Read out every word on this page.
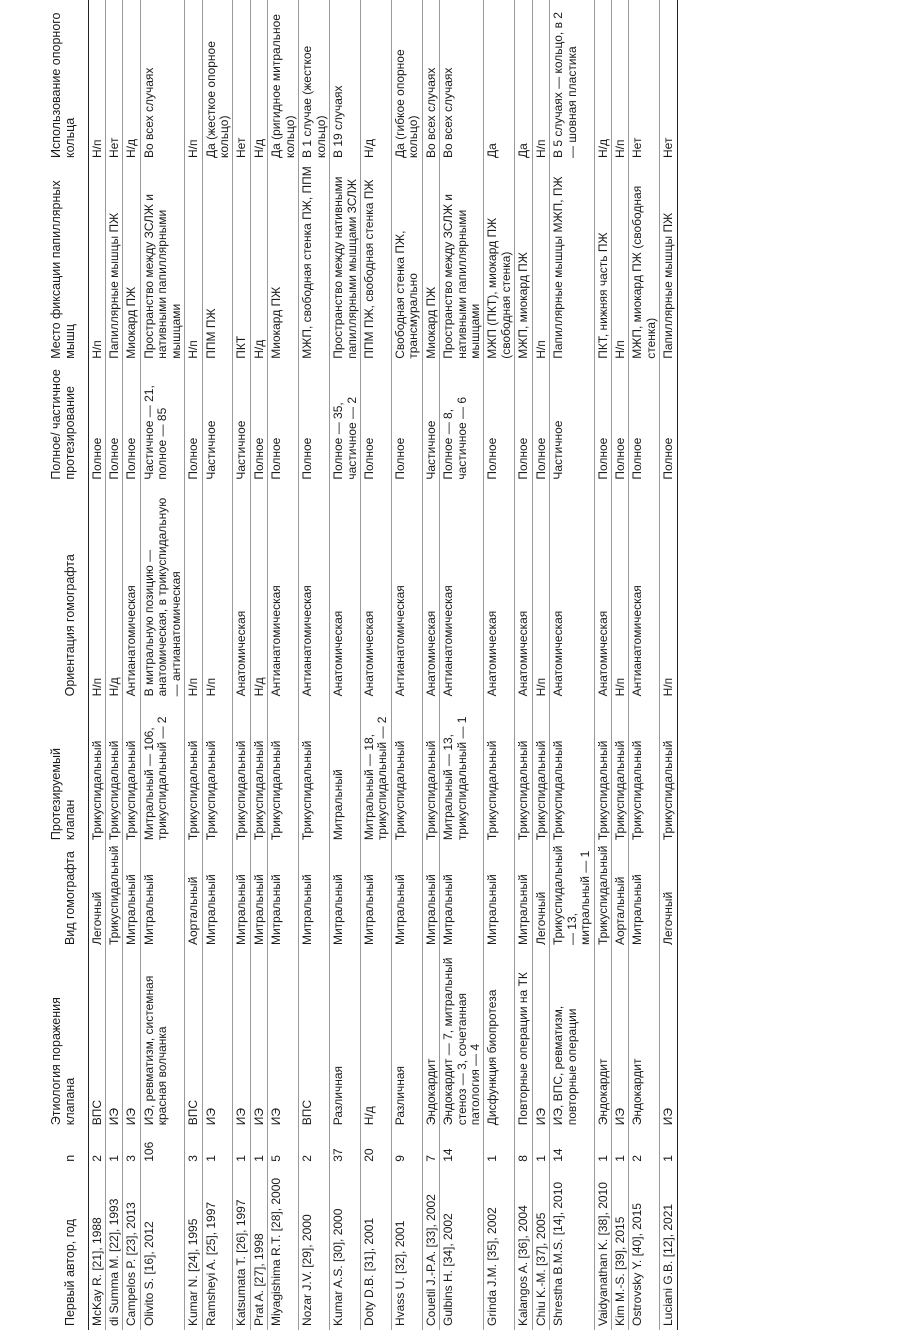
Первый автор, год	n	Этиология поражения клапана	Вид гомографта	Протезируемый клапан	Ориентация гомографта	Полное/ частичное протезирование	Место фиксации папиллярных мышц	Использование опорного кольца
McKay R. [21], 1988	2	ВПС	Легочный	Трикуспидальный	Н/п	Полное	Н/п	Н/п
di Summa M. [22], 1993	1	ИЭ	Трикуспидальный	Трикуспидальный	Н/д	Полное	Папиллярные мышцы ПЖ	Нет
Campelos P. [23], 2013	3	ИЭ	Митральный	Трикуспидальный	Антианатомическая	Полное	Миокард ПЖ	Н/д
Olivito S. [16], 2012	106	ИЭ, ревматизм, системная красная волчанка	Митральный	Митральный — 106, трикуспидальный — 2	В митральную позицию — анатомическая, в трикуспидальную — антианатомическая	Частичное — 21, полное — 85	Пространство между ЗСЛЖ и нативными папиллярными мышцами	Во всех случаях
Kumar N. [24], 1995	3	ВПС	Аортальный	Трикуспидальный	Н/п	Полное	Н/п	Н/п
Ramsheyi A. [25], 1997	1	ИЭ	Митральный	Трикуспидальный	Н/п	Частичное	ППМ ПЖ	Да (жесткое опорное кольцо)
Katsumata T. [26], 1997	1	ИЭ	Митральный	Трикуспидальный	Анатомическая	Частичное	ПКТ	Нет
Prat A. [27], 1998	1	ИЭ	Митральный	Трикуспидальный	Н/д	Полное	Н/д	Н/д
Miyagishima R.T. [28], 2000	5	ИЭ	Митральный	Трикуспидальный	Антианатомическая	Полное	Миокард ПЖ	Да (ригидное митральное кольцо)
Nozar J.V. [29], 2000	2	ВПС	Митральный	Трикуспидальный	Антианатомическая	Полное	МЖП, свободная стенка ПЖ, ППМ	В 1 случае (жесткое кольцо)
Kumar A.S. [30], 2000	37	Различная	Митральный	Митральный	Анатомическая	Полное — 35, частичное — 2	Пространство между нативными папиллярными мышцами ЗСЛЖ	В 19 случаях
Doty D.B. [31], 2001	20	Н/д	Митральный	Митральный — 18, трикуспидальный — 2	Анатомическая	Полное	ППМ ПЖ, свободная стенка ПЖ	Н/д
Hvass U. [32], 2001	9	Различная	Митральный	Трикуспидальный	Антианатомическая	Полное	Свободная стенка ПЖ, трансмурально	Да (гибкое опорное кольцо)
Couetil J.-P.A. [33], 2002	7	Эндокардит	Митральный	Трикуспидальный	Анатомическая	Частичное	Миокард ПЖ	Во всех случаях
Gulbins H. [34], 2002	14	Эндокардит — 7, митральный стеноз — 3, сочетанная патология — 4	Митральный	Митральный — 13, трикуспидальный — 1	Антианатомическая	Полное — 8, частичное — 6	Пространство между ЗСЛЖ и нативными папиллярными мышцами	Во всех случаях
Grinda J.M. [35], 2002	1	Дисфункция биопротеза	Митральный	Трикуспидальный	Анатомическая	Полное	МЖП (ПКТ), миокард ПЖ (свободная стенка)	Да
Kalangos A. [36], 2004	8	Повторные операции на ТК	Митральный	Трикуспидальный	Анатомическая	Полное	МЖП, миокард ПЖ	Да
Chiu K.-M. [37], 2005	1	ИЭ	Легочный	Трикуспидальный	Н/п	Полное	Н/п	Н/п
Shrestha B.M.S. [14], 2010	14	ИЭ, ВПС, ревматизм, повторные операции	Трикуспидальный — 13, митральный — 1	Трикуспидальный	Анатомическая	Частичное	Папиллярные мышцы МЖП, ПЖ	В 5 случаях — кольцо, в 2 — шовная пластика
Vaidyanathan K. [38], 2010	1	Эндокардит	Трикуспидальный	Трикуспидальный	Анатомическая	Полное	ПКТ, нижняя часть ПЖ	Н/д
Kim M.-S. [39], 2015	1	ИЭ	Аортальный	Трикуспидальный	Н/п	Полное	Н/п	Н/п
Ostrovsky Y. [40], 2015	2	Эндокардит	Митральный	Трикуспидальный	Антианатомическая	Полное	МЖП, миокард ПЖ (свободная стенка)	Нет
Luciani G.B. [12], 2021	1	ИЭ	Легочный	Трикуспидальный	Н/п	Полное	Папиллярные мышцы ПЖ	Нет
